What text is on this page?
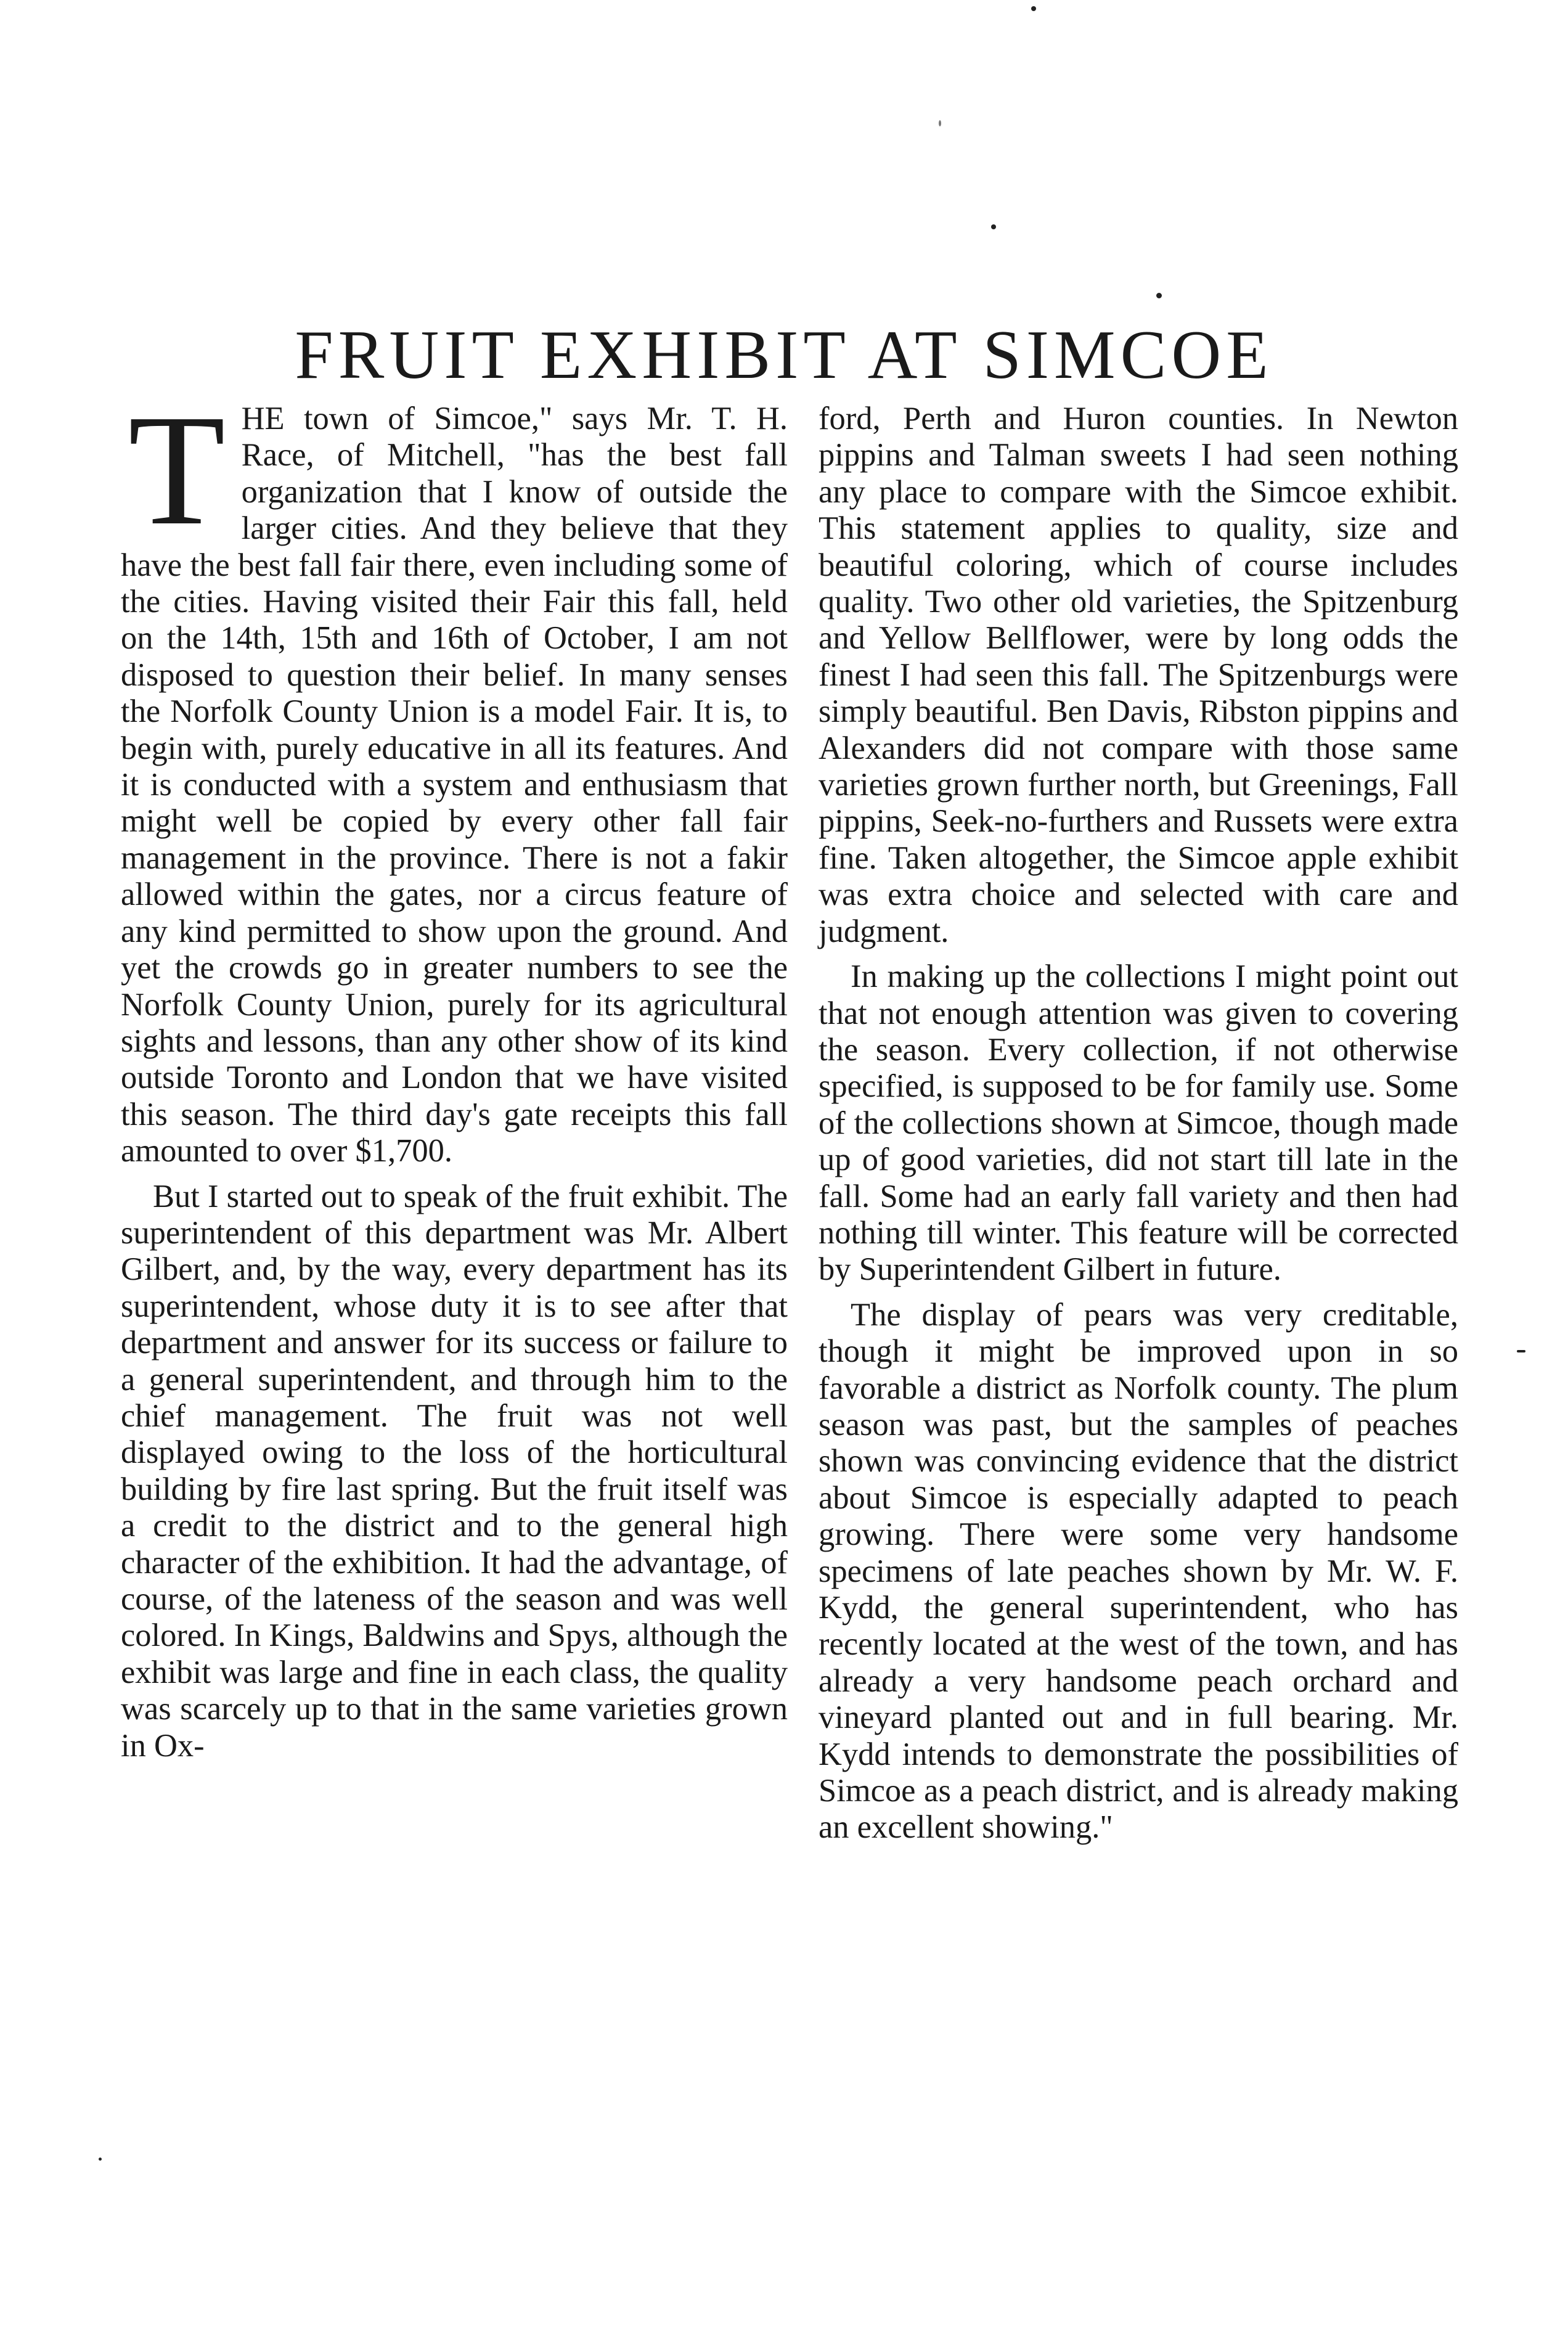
FRUIT EXHIBIT AT SIMCOE

THE town of Simcoe," says Mr. T. H. Race, of Mitchell, "has the best fall organization that I know of outside the larger cities. And they believe that they have the best fall fair there, even including some of the cities. Having visited their Fair this fall, held on the 14th, 15th and 16th of October, I am not disposed to question their belief. In many senses the Norfolk County Union is a model Fair. It is, to begin with, purely educative in all its features. And it is conducted with a system and enthusiasm that might well be copied by every other fall fair management in the province. There is not a fakir allowed within the gates, nor a circus feature of any kind permitted to show upon the ground. And yet the crowds go in greater numbers to see the Norfolk County Union, purely for its agricultural sights and lessons, than any other show of its kind outside Toronto and London that we have visited this season. The third day's gate receipts this fall amounted to over $1,700.

But I started out to speak of the fruit exhibit. The superintendent of this department was Mr. Albert Gilbert, and, by the way, every department has its superintendent, whose duty it is to see after that department and answer for its success or failure to a general superintendent, and through him to the chief management. The fruit was not well displayed owing to the loss of the horticultural building by fire last spring. But the fruit itself was a credit to the district and to the general high character of the exhibition. It had the advantage, of course, of the lateness of the season and was well colored. In Kings, Baldwins and Spys, although the exhibit was large and fine in each class, the quality was scarcely up to that in the same varieties grown in Ox-

ford, Perth and Huron counties. In Newton pippins and Talman sweets I had seen nothing any place to compare with the Simcoe exhibit. This statement applies to quality, size and beautiful coloring, which of course includes quality. Two other old varieties, the Spitzenburg and Yellow Bellflower, were by long odds the finest I had seen this fall. The Spitzenburgs were simply beautiful. Ben Davis, Ribston pippins and Alexanders did not compare with those same varieties grown further north, but Greenings, Fall pippins, Seek-no-furthers and Russets were extra fine. Taken altogether, the Simcoe apple exhibit was extra choice and selected with care and judgment.

In making up the collections I might point out that not enough attention was given to covering the season. Every collection, if not otherwise specified, is supposed to be for family use. Some of the collections shown at Simcoe, though made up of good varieties, did not start till late in the fall. Some had an early fall variety and then had nothing till winter. This feature will be corrected by Superintendent Gilbert in future.

The display of pears was very creditable, though it might be improved upon in so favorable a district as Norfolk county. The plum season was past, but the samples of peaches shown was convincing evidence that the district about Simcoe is especially adapted to peach growing. There were some very handsome specimens of late peaches shown by Mr. W. F. Kydd, the general superintendent, who has recently located at the west of the town, and has already a very handsome peach orchard and vineyard planted out and in full bearing. Mr. Kydd intends to demonstrate the possibilities of Simcoe as a peach district, and is already making an excellent showing."
